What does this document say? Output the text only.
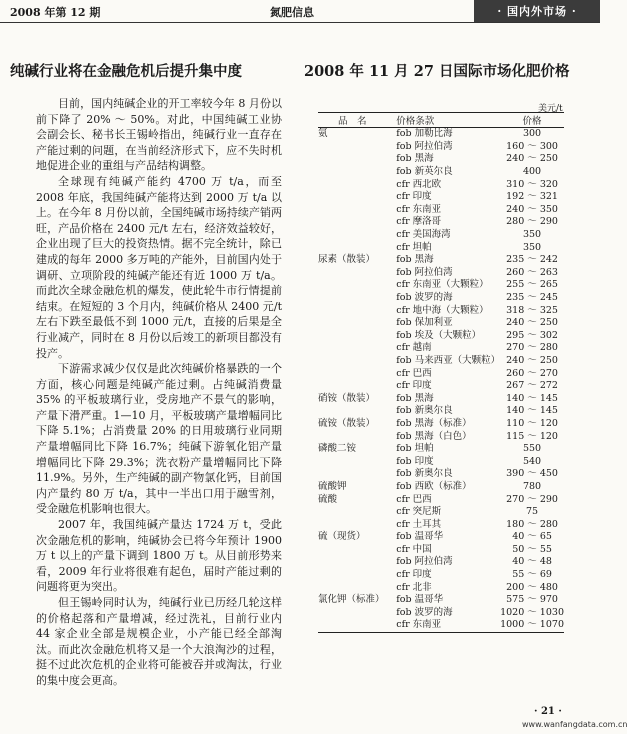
2008 年第 12 期	氮肥信息	· 国内外市场 ·
纯碱行业将在金融危机后提升集中度	2008 年 11 月 27 日国际市场化肥价格

目前，国内纯碱企业的开工率较今年 8 月份以前下降了 20% ～ 50%。对此，中国纯碱工业协会副会长、秘书长王锡岭指出，纯碱行业一直存在产能过剩的问题，在当前经济形式下，应不失时机地促进企业的重组与产品结构调整。

全球现有纯碱产能约 4700 万 t/a，而至 2008 年底，我国纯碱产能将达到 2000 万 t/a 以上。在今年 8 月份以前，全国纯碱市场持续产销两旺，产品价格在 2400 元/t 左右，经济效益较好，企业出现了巨大的投资热情。据不完全统计，除已建成的每年 2000 多万吨的产能外，目前国内处于调研、立项阶段的纯碱产能还有近 1000 万 t/a。而此次全球金融危机的爆发，使此轮牛市行情提前结束。在短短的 3 个月内，纯碱价格从 2400 元/t 左右下跌至最低不到 1000 元/t，直接的后果是全行业减产，同时在 8 月份以后竣工的新项目都没有投产。

下游需求减少仅仅是此次纯碱价格暴跌的一个方面，核心问题是纯碱产能过剩。占纯碱消费量 35% 的平板玻璃行业，受房地产不景气的影响，产量下滑严重。1—10 月，平板玻璃产量增幅同比下降 5.1%；占消费量 20% 的日用玻璃行业同期产量增幅同比下降 16.7%；纯碱下游氧化铝产量增幅同比下降 29.3%；洗衣粉产量增幅同比下降 11.9%。另外，生产纯碱的副产物氯化钙，目前国内产量约 80 万 t/a，其中一半出口用于融雪剂，受金融危机影响也很大。

2007 年，我国纯碱产量达 1724 万 t，受此次金融危机的影响，纯碱协会已将今年预计 1900 万 t 以上的产量下调到 1800 万 t。从目前形势来看，2009 年行业将很难有起色，届时产能过剩的问题将更为突出。

但王锡岭同时认为，纯碱行业已历经几轮这样的价格起落和产量增减，经过洗礼，目前行业内 44 家企业全部是规模企业，小产能已经全部淘汰。而此次金融危机将又是一个大浪淘沙的过程，挺不过此次危机的企业将可能被吞并或淘汰，行业的集中度会更高。

美元/t
品　名	价格条款	价格
氨	fob 加勒比海	300
	fob 阿拉伯湾	160 ～ 300
	fob 黑海	240 ～ 250
	fob 新英尔良	400
	cfr 西北欧	310 ～ 320
	cfr 印度	192 ～ 321
	cfr 东南亚	240 ～ 350
	cfr 摩洛哥	280 ～ 290
	cfr 美国海湾	350
	cfr 坦帕	350
尿素（散装）	fob 黑海	235 ～ 242
	fob 阿拉伯湾	260 ～ 263
	cfr 东南亚（大颗粒）	255 ～ 265
	fob 波罗的海	235 ～ 245
	cfr 地中海（大颗粒）	318 ～ 325
	fob 保加利亚	240 ～ 250
	fob 埃及（大颗粒）	295 ～ 302
	cfr 越南	270 ～ 280
	fob 马来西亚（大颗粒）	240 ～ 250
	cfr 巴西	260 ～ 270
	cfr 印度	267 ～ 272
硝铵（散装）	fob 黑海	140 ～ 145
	fob 新奥尔良	140 ～ 145
硫铵（散装）	fob 黑海（标准）	110 ～ 120
	fob 黑海（白色）	115 ～ 120
磷酸二铵	fob 坦帕	550
	fob 印度	540
	fob 新奥尔良	390 ～ 450
硫酸钾	fob 西欧（标准）	780
硫酸	cfr 巴西	270 ～ 290
	cfr 突尼斯	75
	cfr 土耳其	180 ～ 280
硫（现货）	fob 温哥华	40 ～ 65
	cfr 中国	50 ～ 55
	fob 阿拉伯湾	40 ～ 48
	cfr 印度	55 ～ 69
	cfr 北非	200 ～ 480
氯化钾（标准）	fob 温哥华	575 ～ 970
	fob 波罗的海	1020 ～ 1030
	cfr 东南亚	1000 ～ 1070
· 21 ·
www.wanfangdata.com.cn
